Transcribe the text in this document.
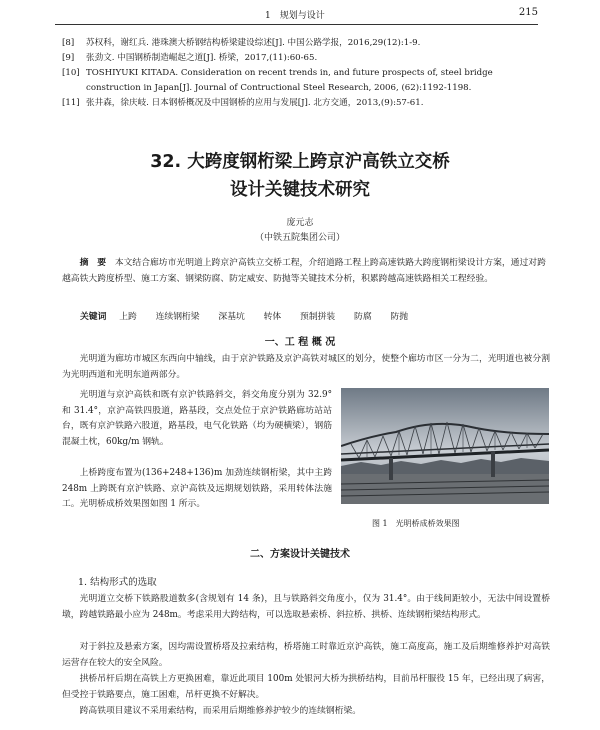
1　规划与设计	215
[8]	苏权科，谢红兵. 港珠澳大桥钢结构桥梁建设综述[J]. 中国公路学报，2016,29(12):1-9.
[9]	张劲文. 中国钢桥制造崛起之道[J]. 桥梁，2017,(11):60-65.
[10] TOSHIYUKI KITADA. Consideration on recent trends in, and future prospects of, steel bridge construction in Japan[J]. Journal of Contructional Steel Research, 2006, (62):1192-1198.
[11] 张井森，徐庆岐. 日本钢桥概况及中国钢桥的应用与发展[J]. 北方交通，2013,(9):57-61.
32. 大跨度钢桁梁上跨京沪高铁立交桥
设计关键技术研究
庞元志
（中铁五院集团公司）
摘　要　 本文结合廊坊市光明道上跨京沪高铁立交桥工程，介绍道路工程上跨高速铁路大跨度钢桁梁设计方案，通过对跨越高铁大跨度桥型、施工方案、钢梁防腐、防定威安、防抛等关键技术分析，积累跨越高速铁路相关工程经验。
关键词 上跨 连续钢桁梁 深基坑 转体 预制拼装 防腐 防抛
一、工 程 概 况
光明道为廊坊市城区东西向中轴线，由于京沪铁路及京沪高铁对城区的划分，使整个廊坊市区一分为二，光明道也被分割为光明西道和光明东道两部分。
光明道与京沪高铁和既有京沪铁路斜交，斜交角度分别为 32.9°和 31.4°，京沪高铁四股道，路基段，交点处位于京沪铁路廊坊站站台，既有京沪铁路六股道，路基段，电气化铁路（均为硬横梁），钢筋混凝土枕，60kg/m 钢轨。
上桥跨度布置为(136+248+136)m 加劲连续钢桁梁，其中主跨 248m 上跨既有京沪铁路、京沪高铁及远期规划铁路，采用转体法施工。光明桥成桥效果图如图 1 所示。
图 1　光明桥成桥效果图
二、方案设计关键技术
1. 结构形式的选取
光明道立交桥下铁路股道数多(含规划有 14 条)，且与铁路斜交角度小，仅为 31.4°。由于线间距较小，无法中间设置桥墩，跨越铁路最小应为 248m。考虑采用大跨结构，可以选取悬索桥、斜拉桥、拱桥、连续钢桁梁结构形式。
对于斜拉及悬索方案，因均需设置桥塔及拉索结构，桥塔施工时靠近京沪高铁，施工高度高，施工及后期维修养护对高铁运营存在较大的安全风险。
拱桥吊杆后期在高铁上方更换困难，靠近此项目 100m 处银河大桥为拱桥结构，目前吊杆服役 15 年，已经出现了病害，但受控于铁路要点，施工困难，吊杆更换不好解决。
跨高铁项目建议不采用索结构，而采用后期维修养护较少的连续钢桁梁。
